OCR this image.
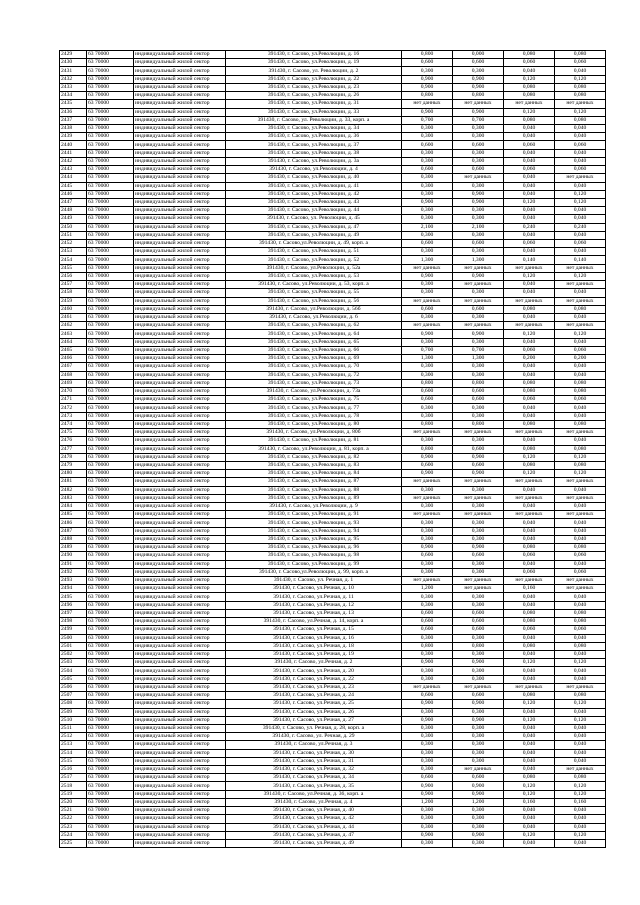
2429	63 70000	индивидуальный жилой сектор	391430, г. Сасово, ул.Революции, д. 16	0,800	0,000	0,080	0,080
2430	63 70000	индивидуальный жилой сектор	391430, г. Сасово, ул.Революции, д. 19	0,600	0,600	0,060	0,060
2431	63 70000	индивидуальный жилой сектор	391430, г. Сасово, ул. Революции, д. 2	0,300	0,300	0,040	0,040
2432	63 70000	индивидуальный жилой сектор	391430, г. Сасово, ул.Революции, д. 22	0,900	0,900	0,120	0,120
2433	63 70000	индивидуальный жилой сектор	391430, г. Сасово, ул.Революции, д. 23	0,900	0,900	0,080	0,080
2434	63 70000	индивидуальный жилой сектор	391430, г. Сасово, ул.Революции, д. 26	0,800	0,800	0,080	0,080
2435	63 70000	индивидуальный жилой сектор	391430, г. Сасово, ул.Революции, д. 31	нет данных	нет данных	нет данных	нет данных
2436	63 70000	индивидуальный жилой сектор	391430, г. Сасово, ул.Революции, д. 33	0,900	0,900	0,120	0,120
2437	63 70000	индивидуальный жилой сектор	391430, г. Сасово, ул. Революции, д. 33, корп. а	0,700	0,700	0,080	0,080
2438	63 70000	индивидуальный жилой сектор	391430, г. Сасово, ул.Революции, д. 34	0,300	0,300	0,040	0,040
2439	63 70000	индивидуальный жилой сектор	391430, г. Сасово, ул.Революции, д. 36	0,300	0,300	0,040	0,040
2440	63 70000	индивидуальный жилой сектор	391430, г. Сасово, ул.Революции, д. 37	0,600	0,600	0,060	0,060
2441	63 70000	индивидуальный жилой сектор	391430, г. Сасово, ул.Революции, д. 38	0,300	0,300	0,040	0,040
2442	63 70000	индивидуальный жилой сектор	391430, г. Сасово, ул.Революции, д. 3а	0,300	0,300	0,040	0,040
2443	63 70000	индивидуальный жилой сектор	391430, г. Сасово, ул.Революции, д. 4	0,600	0,600	0,060	0,060
2444	63 70000	индивидуальный жилой сектор	391430, г. Сасово, ул.Революции, д. 40	0,300	нет данных	0,040	нет данных
2445	63 70000	индивидуальный жилой сектор	391430, г. Сасово, ул.Революции, д. 41	0,300	0,300	0,040	0,040
2446	63 70000	индивидуальный жилой сектор	391430, г. Сасово, ул.Революции, д. 42	0,300	0,900	0,040	0,120
2447	63 70000	индивидуальный жилой сектор	391430, г. Сасово, ул.Революции, д. 43	0,900	0,900	0,120	0,120
2448	63 70000	индивидуальный жилой сектор	391430, г. Сасово, ул.Революции, д. 44	0,300	0,300	0,040	0,040
2449	63 70000	индивидуальный жилой сектор	391430, г. Сасово, ул. Революции, д. 45	0,300	0,300	0,040	0,040
2450	63 70000	индивидуальный жилой сектор	391430, г. Сасово, ул.Революции, д. 47	2,100	2,100	0,240	0,240
2451	63 70000	индивидуальный жилой сектор	391430, г. Сасово, ул.Революции, д. 49	0,300	0,300	0,040	0,040
2452	63 70000	индивидуальный жилой сектор	391430, г. Сасово,ул.Революции, д. 49, корп. а	0,600	0,600	0,060	0,060
2453	63 70000	индивидуальный жилой сектор	391430, г. Сасово, ул.Революции, д. 51	0,300	0,300	0,040	0,040
2454	63 70000	индивидуальный жилой сектор	391430, г. Сасово, ул.Революции, д. 52	1,300	1,300	0,140	0,140
2455	63 70000	индивидуальный жилой сектор	391430, г. Сасово, ул.Революции, д. 52а	нет данных	нет данных	нет данных	нет данных
2456	63 70000	индивидуальный жилой сектор	391430, г. Сасово, ул.Революции, д. 53	0,900	0,900	0,120	0,120
2457	63 70000	индивидуальный жилой сектор	391430, г. Сасово, ул.Революции, д. 53, корп. а	0,300	нет данных	0,040	нет данных
2458	63 70000	индивидуальный жилой сектор	391430, г. Сасово, ул.Революции, д. 55	0,300	0,300	0,040	0,040
2459	63 70000	индивидуальный жилой сектор	391430, г. Сасово, ул.Революции, д. 56	нет данных	нет данных	нет данных	нет данных
2460	63 70000	индивидуальный жилой сектор	391430, г. Сасово, ул.Революции, д. 56б	0,600	0,600	0,080	0,080
2461	63 70000	индивидуальный жилой сектор	391430, г. Сасово, ул.Революции, д. 6	0,300	0,300	0,040	0,040
2462	63 70000	индивидуальный жилой сектор	391430, г. Сасово, ул.Революции, д. 62	нет данных	нет данных	нет данных	нет данных
2463	63 70000	индивидуальный жилой сектор	391430, г. Сасово, ул.Революции, д. 64	0,900	0,900	0,120	0,120
2464	63 70000	индивидуальный жилой сектор	391430, г. Сасово, ул.Революции, д. 65	0,300	0,300	0,040	0,040
2465	63 70000	индивидуальный жилой сектор	391430, г. Сасово, ул.Революции, д. 66	0,700	0,700	0,060	0,060
2466	63 70000	индивидуальный жилой сектор	391430, г. Сасово, ул.Революции, д. 69	1,300	1,300	0,200	0,200
2467	63 70000	индивидуальный жилой сектор	391430, г. Сасово, ул.Революции, д. 70	0,300	0,300	0,040	0,040
2468	63 70000	индивидуальный жилой сектор	391430, г. Сасово, ул.Революции, д. 72	0,300	0,300	0,040	0,040
2469	63 70000	индивидуальный жилой сектор	391430, г. Сасово, ул.Революции, д. 73	0,800	0,800	0,080	0,080
2470	63 70000	индивидуальный жилой сектор	391430, г. Сасово, ул.Революции, д. 73а	0,600	0,600	0,080	0,080
2471	63 70000	индивидуальный жилой сектор	391430, г. Сасово, ул.Революции, д. 75	0,600	0,600	0,060	0,060
2472	63 70000	индивидуальный жилой сектор	391430, г. Сасово, ул.Революции, д. 77	0,300	0,300	0,040	0,040
2473	63 70000	индивидуальный жилой сектор	391430, г. Сасово, ул.Революции, д. 78	0,300	0,300	0,040	0,040
2474	63 70000	индивидуальный жилой сектор	391430, г. Сасово, ул.Революции, д. 80	0,800	0,800	0,080	0,080
2475	63 70000	индивидуальный жилой сектор	391430, г. Сасово, ул.Революции, д. 80б	нет данных	нет данных	нет данных	нет данных
2476	63 70000	индивидуальный жилой сектор	391430, г. Сасово, ул.Революции, д. 81	0,300	0,300	0,040	0,040
2477	63 70000	индивидуальный жилой сектор	391430, г. Сасово, ул.Революции, д. 81, корп. а	0,800	0,600	0,080	0,080
2478	63 70000	индивидуальный жилой сектор	391430, г. Сасово, ул.Революции, д. 82	0,900	0,900	0,120	0,120
2479	63 70000	индивидуальный жилой сектор	391430, г. Сасово, ул.Революции, д. 83	0,600	0,600	0,080	0,080
2480	63 70000	индивидуальный жилой сектор	391430, г. Сасово, ул.Революции, д. 84	0,900	0,900	0,120	0,120
2481	63 70000	индивидуальный жилой сектор	391430, г. Сасово, ул.Революции, д. 87	нет данных	нет данных	нет данных	нет данных
2482	63 70000	индивидуальный жилой сектор	391430, г. Сасово, ул.Революции, д. 88	0,300	0,300	0,040	0,040
2483	63 70000	индивидуальный жилой сектор	391430, г. Сасово, ул.Революции, д. 89	нет данных	нет данных	нет данных	нет данных
2484	63 70000	индивидуальный жилой сектор	391430, г. Сасово, ул.Революции, д. 9	0,300	0,300	0,040	0,040
2485	63 70000	индивидуальный жилой сектор	391430, г. Сасово, ул.Революции, д. 91	нет данных	нет данных	нет данных	нет данных
2486	63 70000	индивидуальный жилой сектор	391430, г. Сасово, ул.Революции, д. 93	0,300	0,300	0,040	0,040
2487	63 70000	индивидуальный жилой сектор	391430, г. Сасово, ул.Революции, д. 94	0,300	0,300	0,040	0,040
2488	63 70000	индивидуальный жилой сектор	391430, г. Сасово, ул.Революции, д. 95	0,300	0,300	0,040	0,040
2489	63 70000	индивидуальный жилой сектор	391430, г. Сасово, ул.Революции, д. 96	0,900	0,900	0,080	0,080
2490	63 70000	индивидуальный жилой сектор	391430, г. Сасово, ул.Революции, д. 98	0,600	0,600	0,060	0,060
2491	63 70000	индивидуальный жилой сектор	391430, г. Сасово, ул.Революции, д. 99	0,300	0,300	0,040	0,040
2492	63 70000	индивидуальный жилой сектор	391430, г. Сасово,ул.Революции, д. 99, корп. а	0,300	0,300	0,060	0,060
2493	63 70000	индивидуальный жилой сектор	391430, г. Сасово, ул. Речная, д. 1	нет данных	нет данных	нет данных	нет данных
2494	63 70000	индивидуальный жилой сектор	391430, г. Сасово, ул.Речная, д. 10	1,200	нет данных	0,160	нет данных
2495	63 70000	индивидуальный жилой сектор	391430, г. Сасово, ул.Речная, д. 11	0,300	0,300	0,040	0,040
2496	63 70000	индивидуальный жилой сектор	391430, г. Сасово, ул.Речная, д. 12	0,300	0,300	0,040	0,040
2497	63 70000	индивидуальный жилой сектор	391430, г. Сасово, ул.Речная, д. 13	0,600	0,600	0,080	0,080
2498	63 70000	индивидуальный жилой сектор	391430, г. Сасово, ул.Речная, д. 14, корп. а	0,600	0,600	0,080	0,080
2499	63 70000	индивидуальный жилой сектор	391430, г. Сасово, ул.Речная, д. 15	0,600	0,600	0,060	0,060
2500	63 70000	индивидуальный жилой сектор	391430, г. Сасово, ул.Речная, д. 16	0,300	0,300	0,040	0,040
2501	63 70000	индивидуальный жилой сектор	391430, г. Сасово, ул.Речная, д. 18	0,800	0,800	0,080	0,080
2502	63 70000	индивидуальный жилой сектор	391430, г. Сасово, ул.Речная, д. 19	0,300	0,300	0,040	0,040
2503	63 70000	индивидуальный жилой сектор	391430, г. Сасово, ул.Речная, д. 2	0,900	0,900	0,120	0,120
2504	63 70000	индивидуальный жилой сектор	391430, г. Сасово, ул.Речная, д. 20	0,300	0,300	0,040	0,040
2505	63 70000	индивидуальный жилой сектор	391430, г. Сасово, ул.Речная, д. 22	0,300	0,300	0,040	0,040
2506	63 70000	индивидуальный жилой сектор	391430, г. Сасово, ул.Речная, д. 23	нет данных	нет данных	нет данных	нет данных
2507	63 70000	индивидуальный жилой сектор	391430, г. Сасово, ул.Речная, д. 24	0,600	0,600	0,080	0,080
2508	63 70000	индивидуальный жилой сектор	391430, г. Сасово, ул.Речная, д. 25	0,900	0,900	0,120	0,120
2509	63 70000	индивидуальный жилой сектор	391430, г. Сасово, ул.Речная, д. 26	0,300	0,300	0,040	0,040
2510	63 70000	индивидуальный жилой сектор	391430, г. Сасово, ул.Речная, д. 27	0,900	0,900	0,120	0,120
2511	63 70000	индивидуальный жилой сектор	391430, г. Сасово, ул. Речная, д. 28, корп. а	0,300	0,300	0,040	0,040
2512	63 70000	индивидуальный жилой сектор	391430, г. Сасово, ул. Речная, д. 29	0,300	0,300	0,040	0,040
2513	63 70000	индивидуальный жилой сектор	391430, г. Сасово, ул.Речная, д. 3	0,300	0,300	0,040	0,040
2514	63 70000	индивидуальный жилой сектор	391430, г. Сасово, ул.Речная, д. 30	0,300	0,300	0,040	0,040
2515	63 70000	индивидуальный жилой сектор	391430, г. Сасово, ул.Речная, д. 31	0,300	0,300	0,040	0,040
2516	63 70000	индивидуальный жилой сектор	391430, г. Сасово, ул.Речная, д. 32	0,300	нет данных	0,040	нет данных
2517	63 70000	индивидуальный жилой сектор	391430, г. Сасово, ул.Речная, д. 34	0,600	0,600	0,080	0,080
2518	63 70000	индивидуальный жилой сектор	391430, г. Сасово, ул.Речная, д. 35	0,900	0,900	0,120	0,120
2519	63 70000	индивидуальный жилой сектор	391430, г. Сасово, ул.Речная, д. 36, корп. а	0,900	0,900	0,120	0,120
2520	63 70000	индивидуальный жилой сектор	391430, г. Сасово, ул.Речная, д. 4	1,200	1,200	0,160	0,160
2521	63 70000	индивидуальный жилой сектор	391430, г. Сасово, ул.Речная, д. 40	0,300	0,300	0,040	0,040
2522	63 70000	индивидуальный жилой сектор	391430, г. Сасово, ул.Речная, д. 42	0,300	0,300	0,040	0,040
2523	63 70000	индивидуальный жилой сектор	391430, г. Сасово, ул.Речная, д. 44	0,300	0,300	0,040	0,040
2524	63 70000	индивидуальный жилой сектор	391430, г. Сасово, ул.Речная, д. 47	0,900	0,900	0,120	0,120
2525	63 70000	индивидуальный жилой сектор	391430, г. Сасово, ул.Речная, д. 49	0,300	0,300	0,040	0,040
